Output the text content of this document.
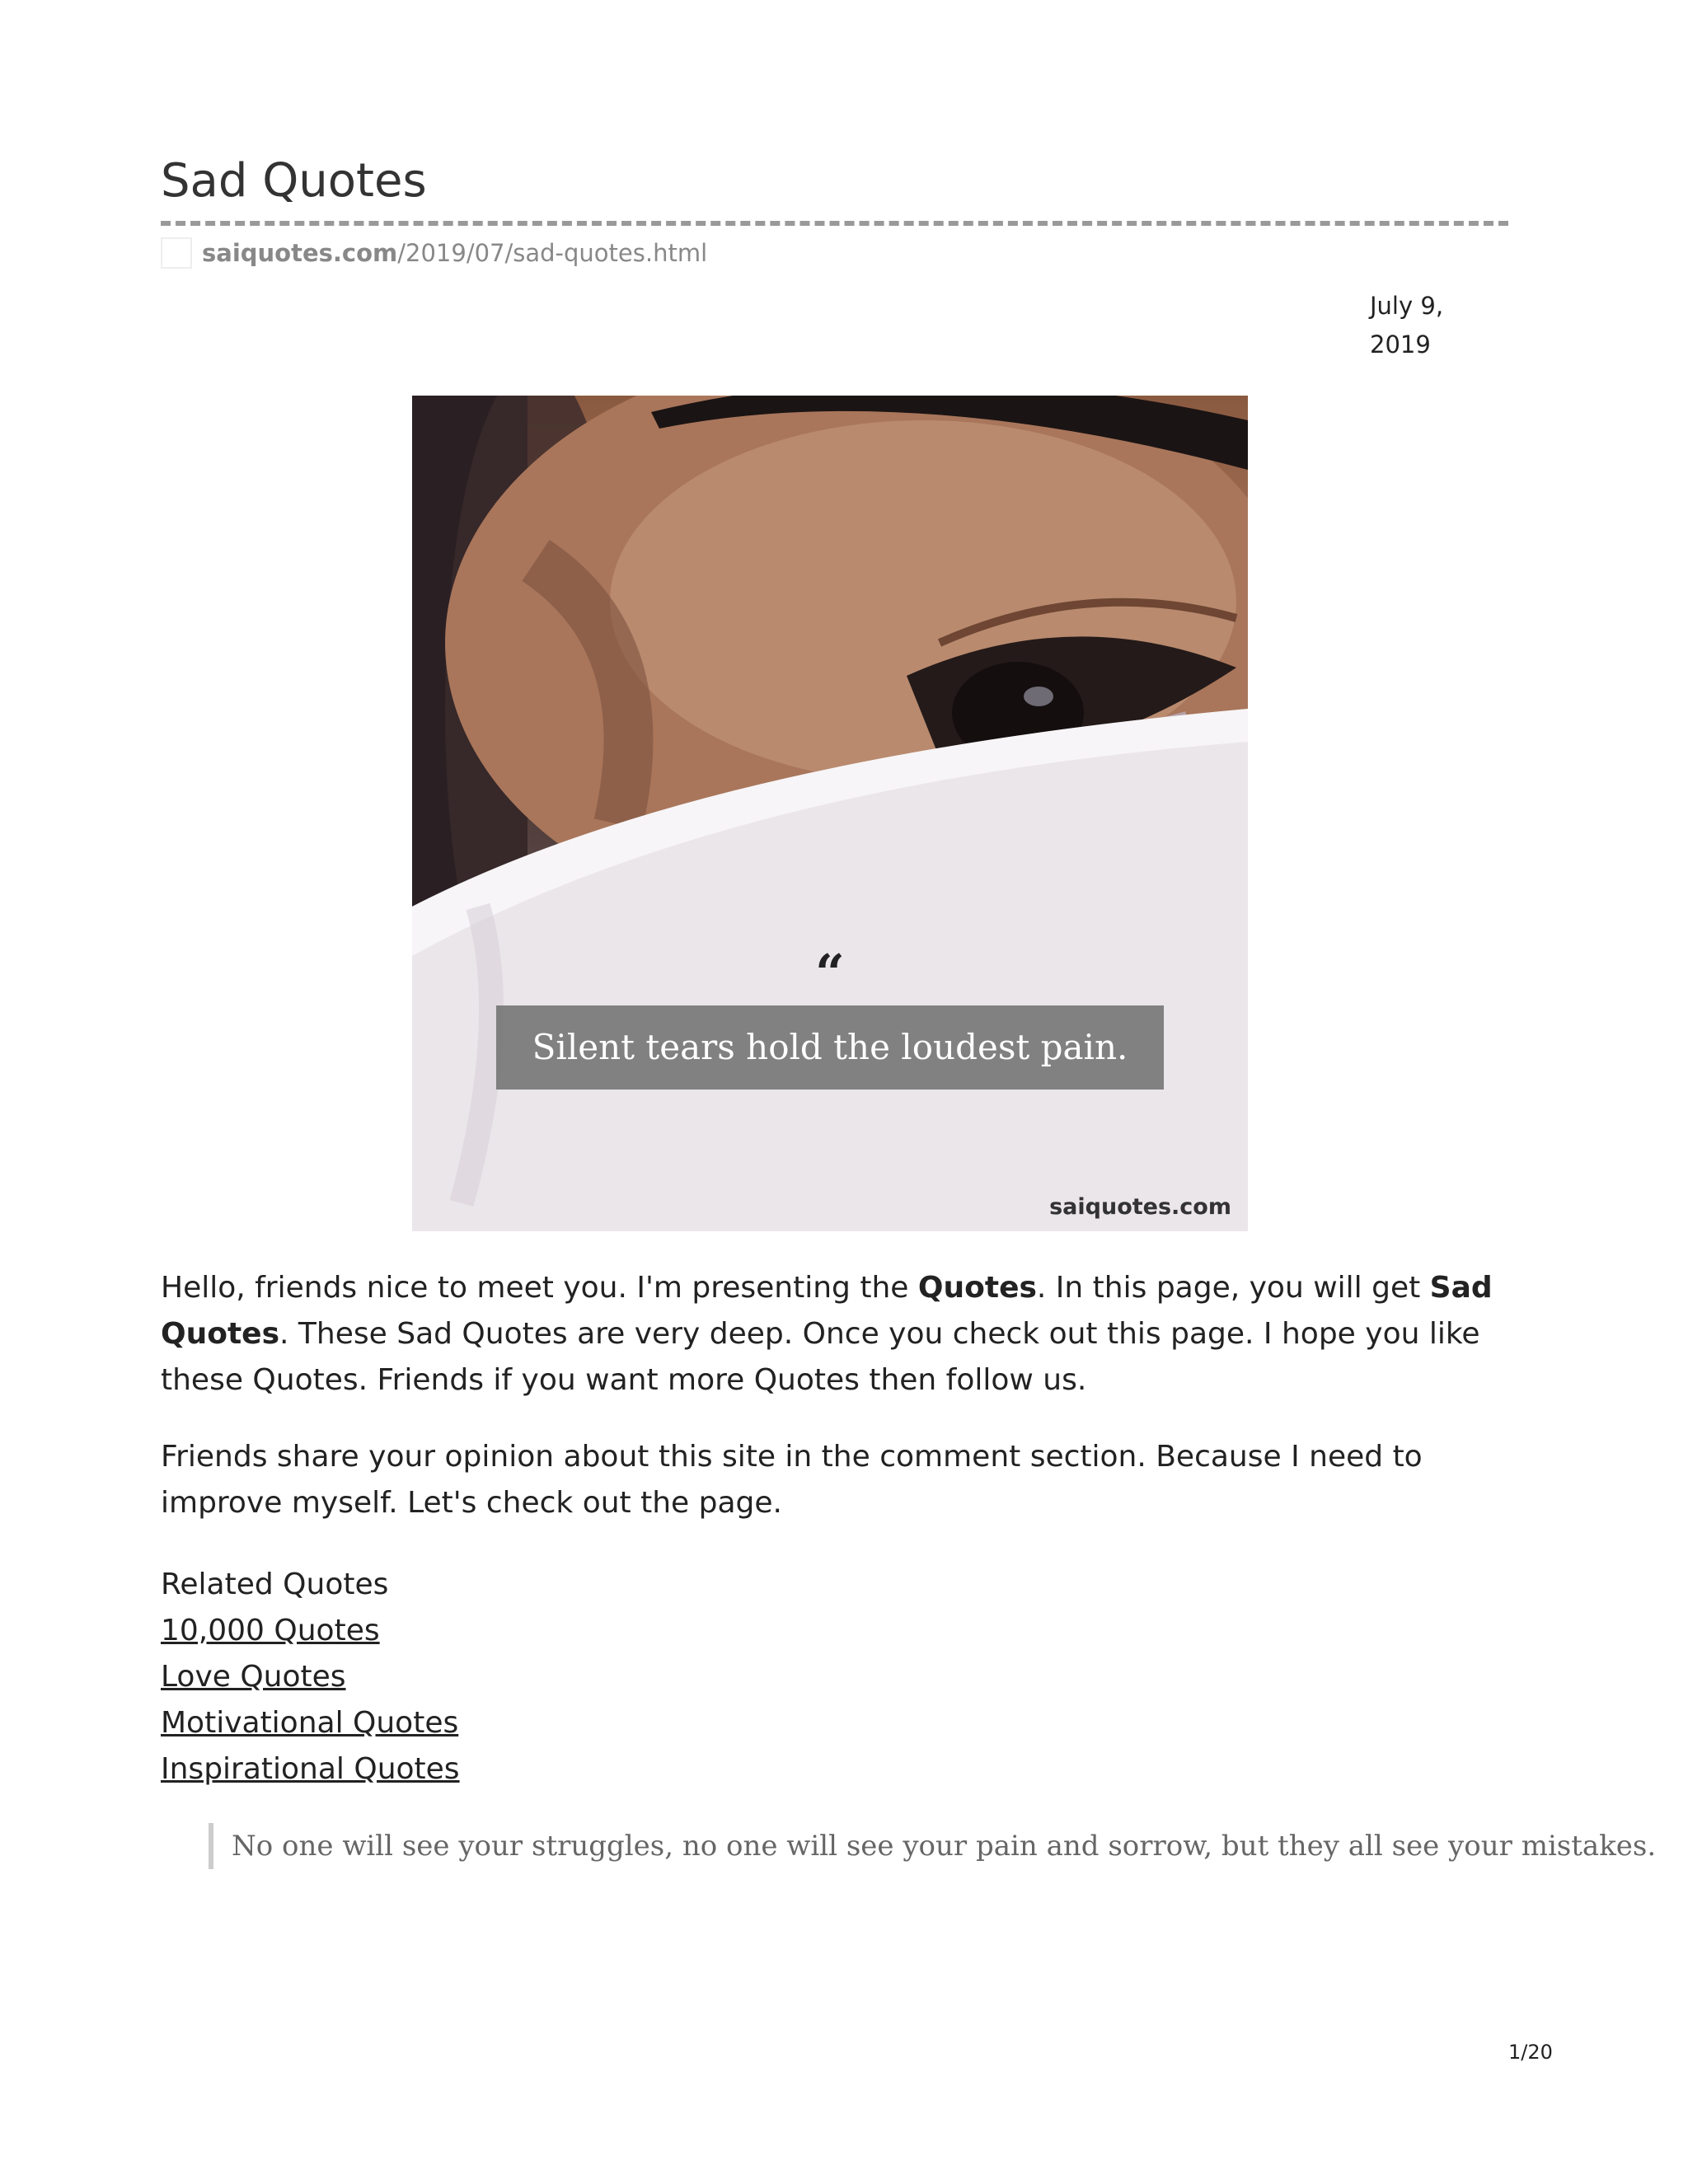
Sad Quotes
saiquotes.com /2019/07/sad-quotes.html
July 9,
2019
“
Silent tears hold the loudest pain.
saiquotes.com

Hello, friends nice to meet you. I'm presenting the Quotes. In this page, you will get Sad Quotes. These Sad Quotes are very deep. Once you check out this page. I hope you like these Quotes. Friends if you want more Quotes then follow us.

Friends share your opinion about this site in the comment section. Because I need to improve myself. Let's check out the page.

Related Quotes
10,000 Quotes
Love Quotes
Motivational Quotes
Inspirational Quotes
No one will see your struggles, no one will see your pain and sorrow, but they all see your mistakes.
1/20
